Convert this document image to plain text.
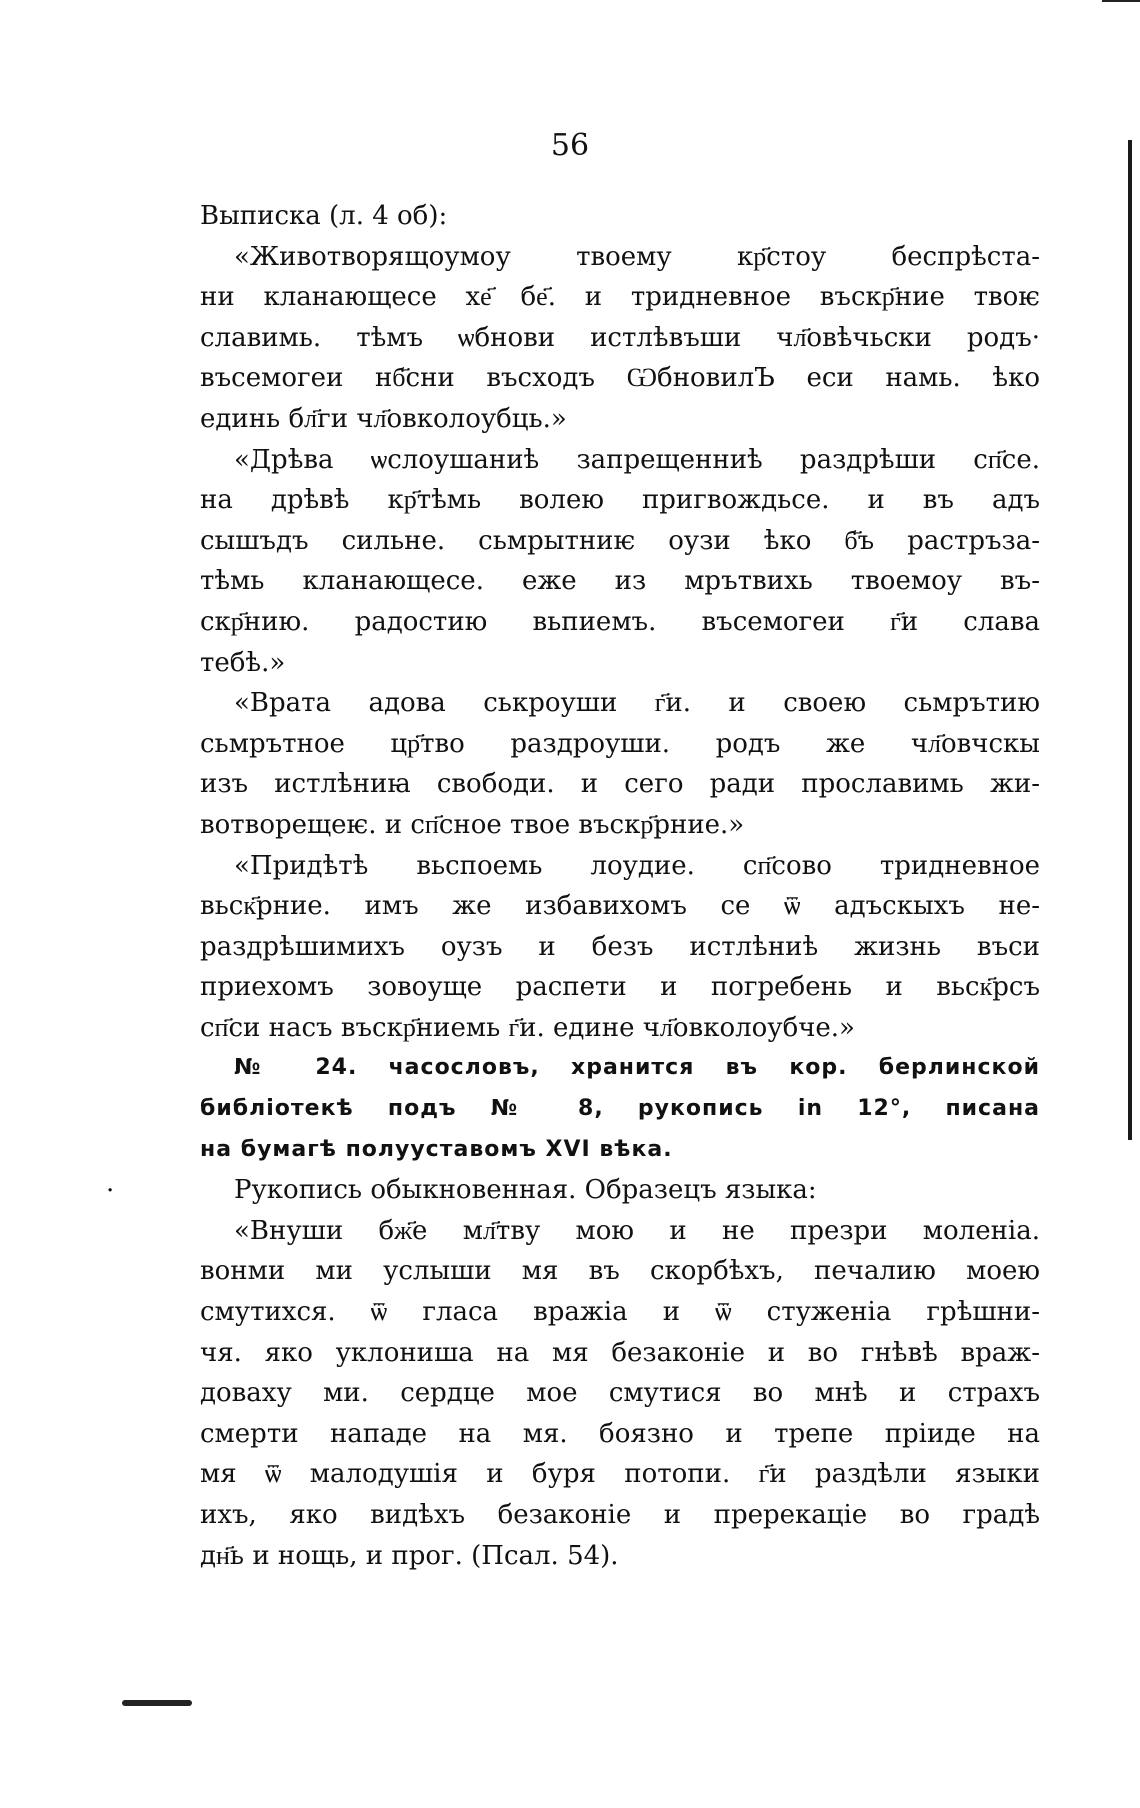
56
Выписка (л. 4 об):
«Животворящоумоу твоему кр҃стоу беспрѣста-
ни кланающесе хе҃ бе҃. и тридневное въскр҃ние твоѥ
славимь. тѣмъ ѡбнови истлѣвъши чл҃овѣчьски родъ·
въсемогеи нб҃сни въсходъ ѠбновилЪ еси намь. ѣко
единь бл҃ги чл҃овколоубць.»
«Дрѣва ѡслоушаниѣ запрещенниѣ раздрѣши сп҃се.
на дрѣвѣ кр҃тѣмь волею пригвождьсе. и въ адъ
сышъдъ сильне. сьмрытниѥ оузи ѣко б҃ъ растръза-
тѣмь кланающесе. еже из мрътвихь твоемоу въ-
скр҃нию. радостию вьпиемъ. въсемогеи г҃и слава
тебѣ.»
«Врата адова ськроуши г҃и. и своею сьмрътию
сьмрътное цр҃тво раздроуши. родъ же чл҃овчскы
изъ истлѣниꙗ свободи. и сего ради прославимь жи-
вотворещеѥ. и сп҃сное твое въскр҃рние.»
«Придѣтѣ вьспоемь лоудие. сп҃сово тридневное
вьск҃рние. имъ же избавихомъ се ѿ адъскыхъ не-
раздрѣшимихъ оузъ и безъ истлѣниѣ жизнь въси
приехомъ зовоуще распети и погребень и вьск҃рсъ
сп҃си насъ въскр҃ниемь г҃и. едине чл҃овколоубче.»
№ 24. часословъ, хранится въ кор. берлинской
библіотекѣ подъ № 8, рукопись in 12°, писана
на бумагѣ полууставомъ XVI вѣка.
Рукопись обыкновенная. Образецъ языка:
«Внуши бж҃е мл҃тву мою и не презри моленіа.
вонми ми услыши мя въ скорбѣхъ, печалию моею
смутихся. ѿ гласа вражіа и ѿ стуженіа грѣшни-
чя. яко уклониша на мя безаконіе и во гнѣвѣ враж-
доваху ми. сердце мое смутися во мнѣ и страхъ
смерти нападе на мя. боязно и трепе пріиде на
мя ѿ малодушія и буря потопи. г҃и раздѣли языки
ихъ, яко видѣхъ безаконіе и пререкаціе во градѣ
дн҃ь и нощь, и прог. (Псал. 54).
·
